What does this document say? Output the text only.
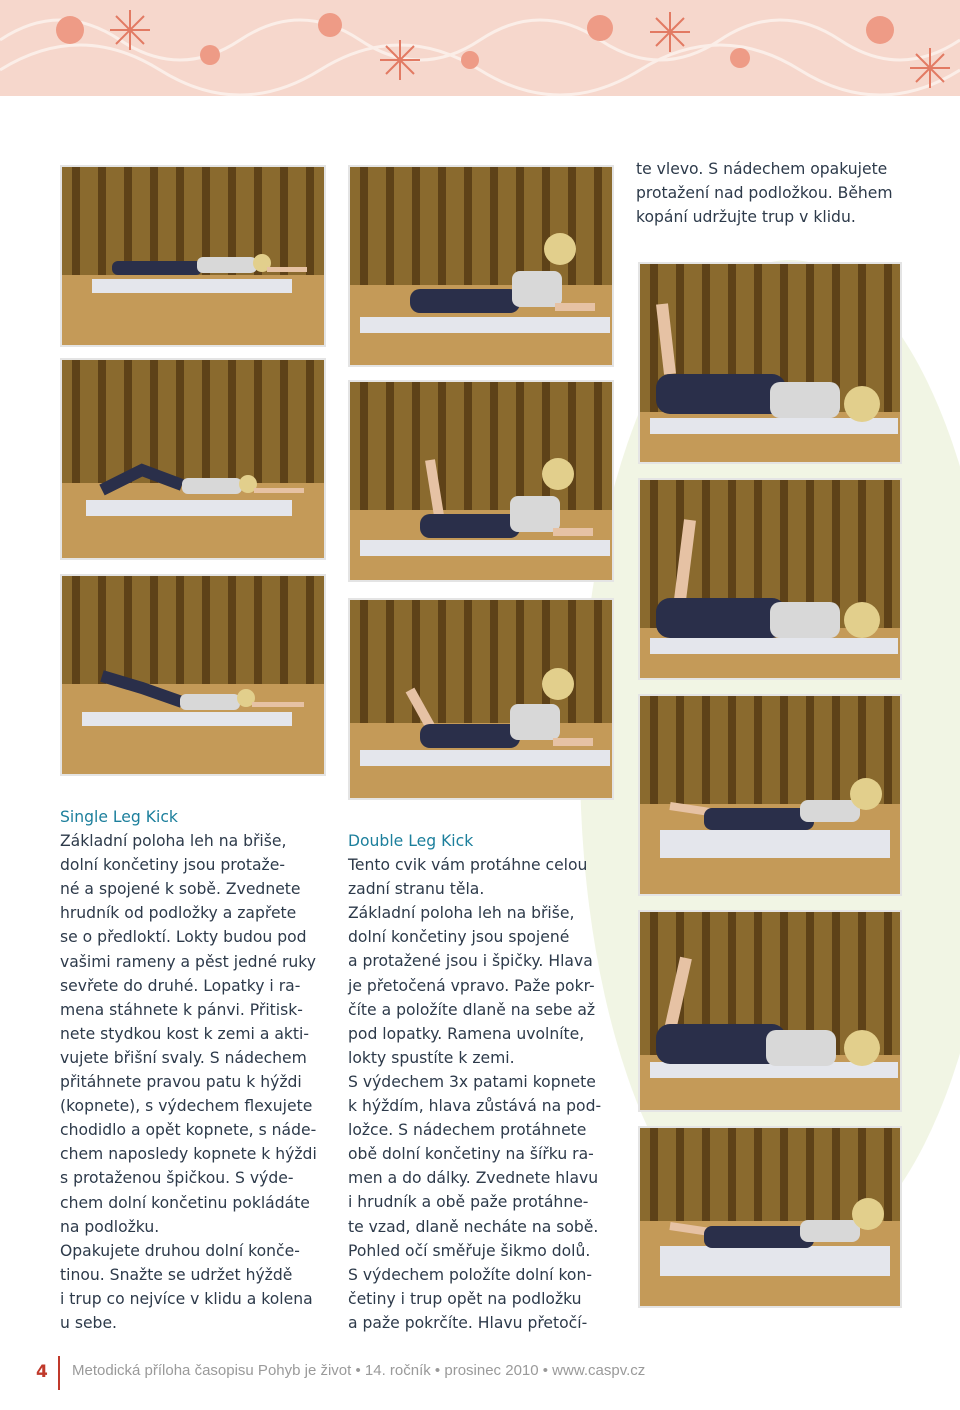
Single Leg Kick

Základní poloha leh na břiše,
dolní končetiny jsou protaže-
né a spojené k sobě. Zvednete
hrudník od podložky a zapřete
se o předloktí. Lokty budou pod
vašimi rameny a pěst jedné ruky
sevřete do druhé. Lopatky i ra-
mena stáhnete k pánvi. Přitisk-
nete stydkou kost k zemi a akti-
vujete břišní svaly. S nádechem
přitáhnete pravou patu k hýždi
(kopnete), s výdechem flexujete
chodidlo a opět kopnete, s náde-
chem naposledy kopnete k hýždi
s protaženou špičkou. S výde-
chem dolní končetinu pokládáte
na podložku.
Opakujete druhou dolní konče-
tinou. Snažte se udržet hýždě
i trup co nejvíce v klidu a kolena
u sebe.

Double Leg Kick

Tento cvik vám protáhne celou
zadní stranu těla.
Základní poloha leh na břiše,
dolní končetiny jsou spojené
a protažené jsou i špičky. Hlava
je přetočená vpravo. Paže pokr-
číte a položíte dlaně na sebe až
pod lopatky. Ramena uvolníte,
lokty spustíte k zemi.
S výdechem 3x patami kopnete
k hýždím, hlava zůstává na pod-
ložce. S nádechem protáhnete
obě dolní končetiny na šířku ra-
men a do dálky. Zvednete hlavu
i hrudník a obě paže protáhne-
te vzad, dlaně necháte na sobě.
Pohled očí směřuje šikmo dolů.
S výdechem položíte dolní kon-
četiny i trup opět na podložku
a paže pokrčíte. Hlavu přetočí-

te vlevo. S nádechem opakujete
protažení nad podložkou. Během
kopání udržujte trup v klidu.

4 Metodická příloha časopisu Pohyb je život • 14. ročník • prosinec 2010 • www.caspv.cz
